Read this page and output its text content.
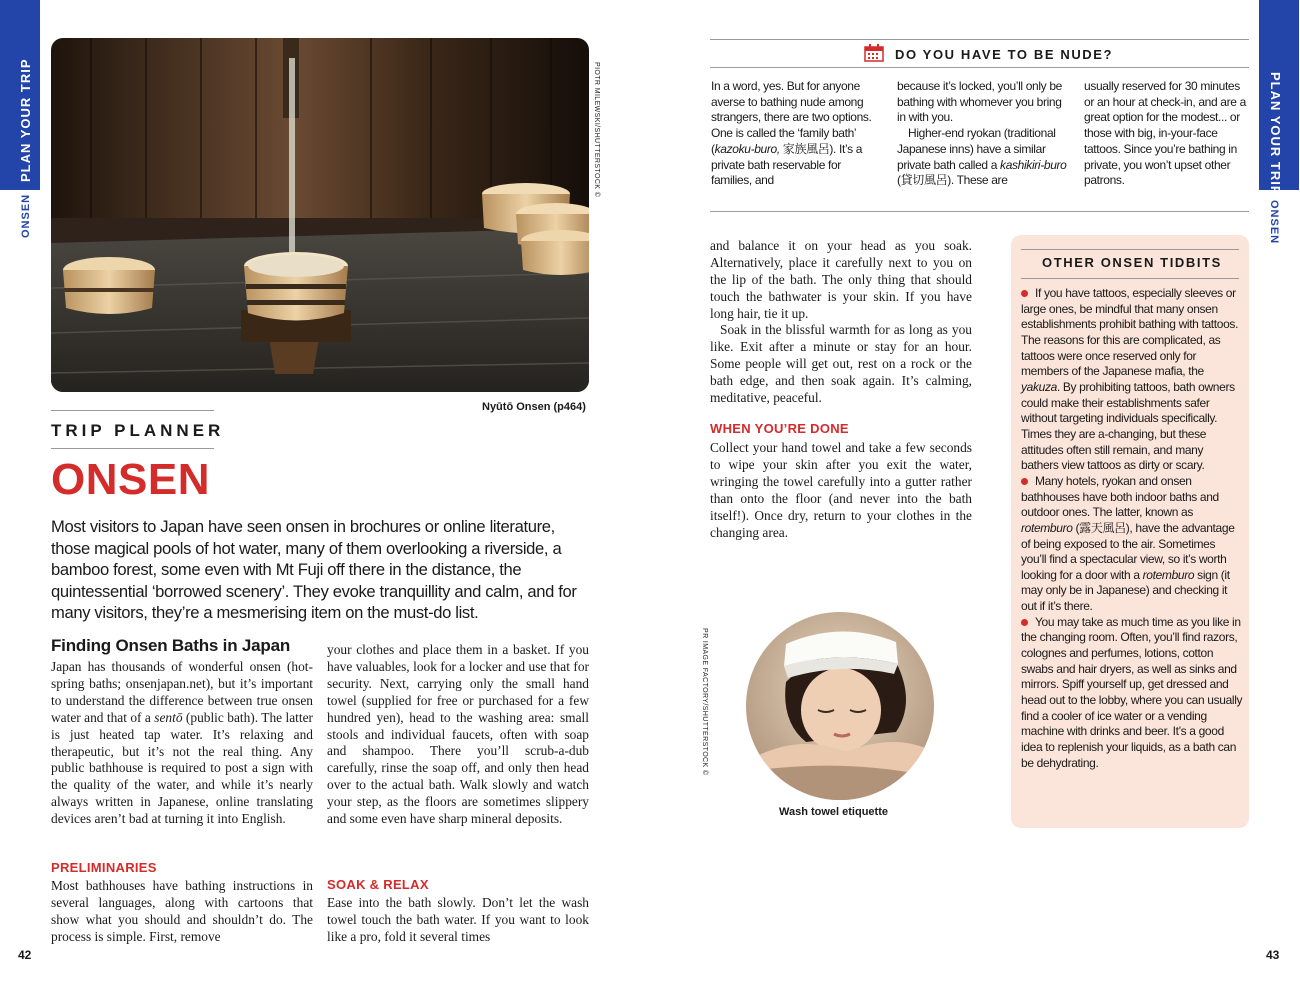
PLAN YOUR TRIP
ONSEN
PLAN YOUR TRIP
ONSEN
42	43
PIOTR MILEWSKI/SHUTTERSTOCK ©
Nyūtō Onsen (p464)
TRIP PLANNER
ONSEN
Most visitors to Japan have seen onsen in brochures or online literature, those magical pools of hot water, many of them overlooking a riverside, a bamboo forest, some even with Mt Fuji off there in the distance, the quintessential ‘borrowed scenery’. They evoke tranquillity and calm, and for many visitors, they’re a mesmerising item on the must-do list.
Finding Onsen Baths in Japan
Japan has thousands of wonderful onsen (hot-spring baths; onsenjapan.net), but it’s important to understand the difference between true onsen water and that of a sentō (public bath). The latter is just heated tap water. It’s relaxing and therapeutic, but it’s not the real thing. Any public bathhouse is required to post a sign with the quality of the water, and while it’s nearly always written in Japanese, online translating devices aren’t bad at turning it into English.
PRELIMINARIES
Most bathhouses have bathing instructions in several languages, along with cartoons that show what you should and shouldn’t do. The process is simple. First, remove
your clothes and place them in a basket. If you have valuables, look for a locker and use that for security. Next, carrying only the small hand towel (supplied for free or purchased for a few hundred yen), head to the washing area: small stools and individual faucets, often with soap and shampoo. There you’ll scrub-a-dub carefully, rinse the soap off, and only then head over to the actual bath. Walk slowly and watch your step, as the floors are sometimes slippery and some even have sharp mineral deposits.
SOAK & RELAX
Ease into the bath slowly. Don’t let the wash towel touch the bath water. If you want to look like a pro, fold it several times
DO YOU HAVE TO BE NUDE?
In a word, yes. But for anyone averse to bathing nude among strangers, there are two options. One is called the ‘family bath’ (kazoku-buro, 家族風呂). It’s a private bath reservable for families, and
because it’s locked, you’ll only be bathing with whomever you bring in with you.
Higher-end ryokan (traditional Japanese inns) have a similar private bath called a kashikiri-buro (貸切風呂). These are
usually reserved for 30 minutes or an hour at check-in, and are a great option for the modest... or those with big, in-your-face tattoos. Since you’re bathing in private, you won’t upset other patrons.
and balance it on your head as you soak. Alternatively, place it carefully next to you on the lip of the bath. The only thing that should touch the bathwater is your skin. If you have long hair, tie it up.
Soak in the blissful warmth for as long as you like. Exit after a minute or stay for an hour. Some people will get out, rest on a rock or the bath edge, and then soak again. It’s calming, meditative, peaceful.
WHEN YOU’RE DONE
Collect your hand towel and take a few seconds to wipe your skin after you exit the water, wringing the towel carefully into a gutter rather than onto the floor (and never into the bath itself!). Once dry, return to your clothes in the changing area.
PR IMAGE FACTORY/SHUTTERSTOCK ©
Wash towel etiquette
OTHER ONSEN TIDBITS
If you have tattoos, especially sleeves or large ones, be mindful that many onsen establishments prohibit bathing with tattoos. The reasons for this are complicated, as tattoos were once reserved only for members of the Japanese mafia, the yakuza. By prohibiting tattoos, bath owners could make their establishments safer without targeting individuals specifically. Times they are a-changing, but these attitudes often still remain, and many bathers view tattoos as dirty or scary.
Many hotels, ryokan and onsen bathhouses have both indoor baths and outdoor ones. The latter, known as rotemburo (露天風呂), have the advantage of being exposed to the air. Sometimes you’ll find a spectacular view, so it’s worth looking for a door with a rotemburo sign (it may only be in Japanese) and checking it out if it’s there.
You may take as much time as you like in the changing room. Often, you’ll find razors, colognes and perfumes, lotions, cotton swabs and hair dryers, as well as sinks and mirrors. Spiff yourself up, get dressed and head out to the lobby, where you can usually find a cooler of ice water or a vending machine with drinks and beer. It’s a good idea to replenish your liquids, as a bath can be dehydrating.
